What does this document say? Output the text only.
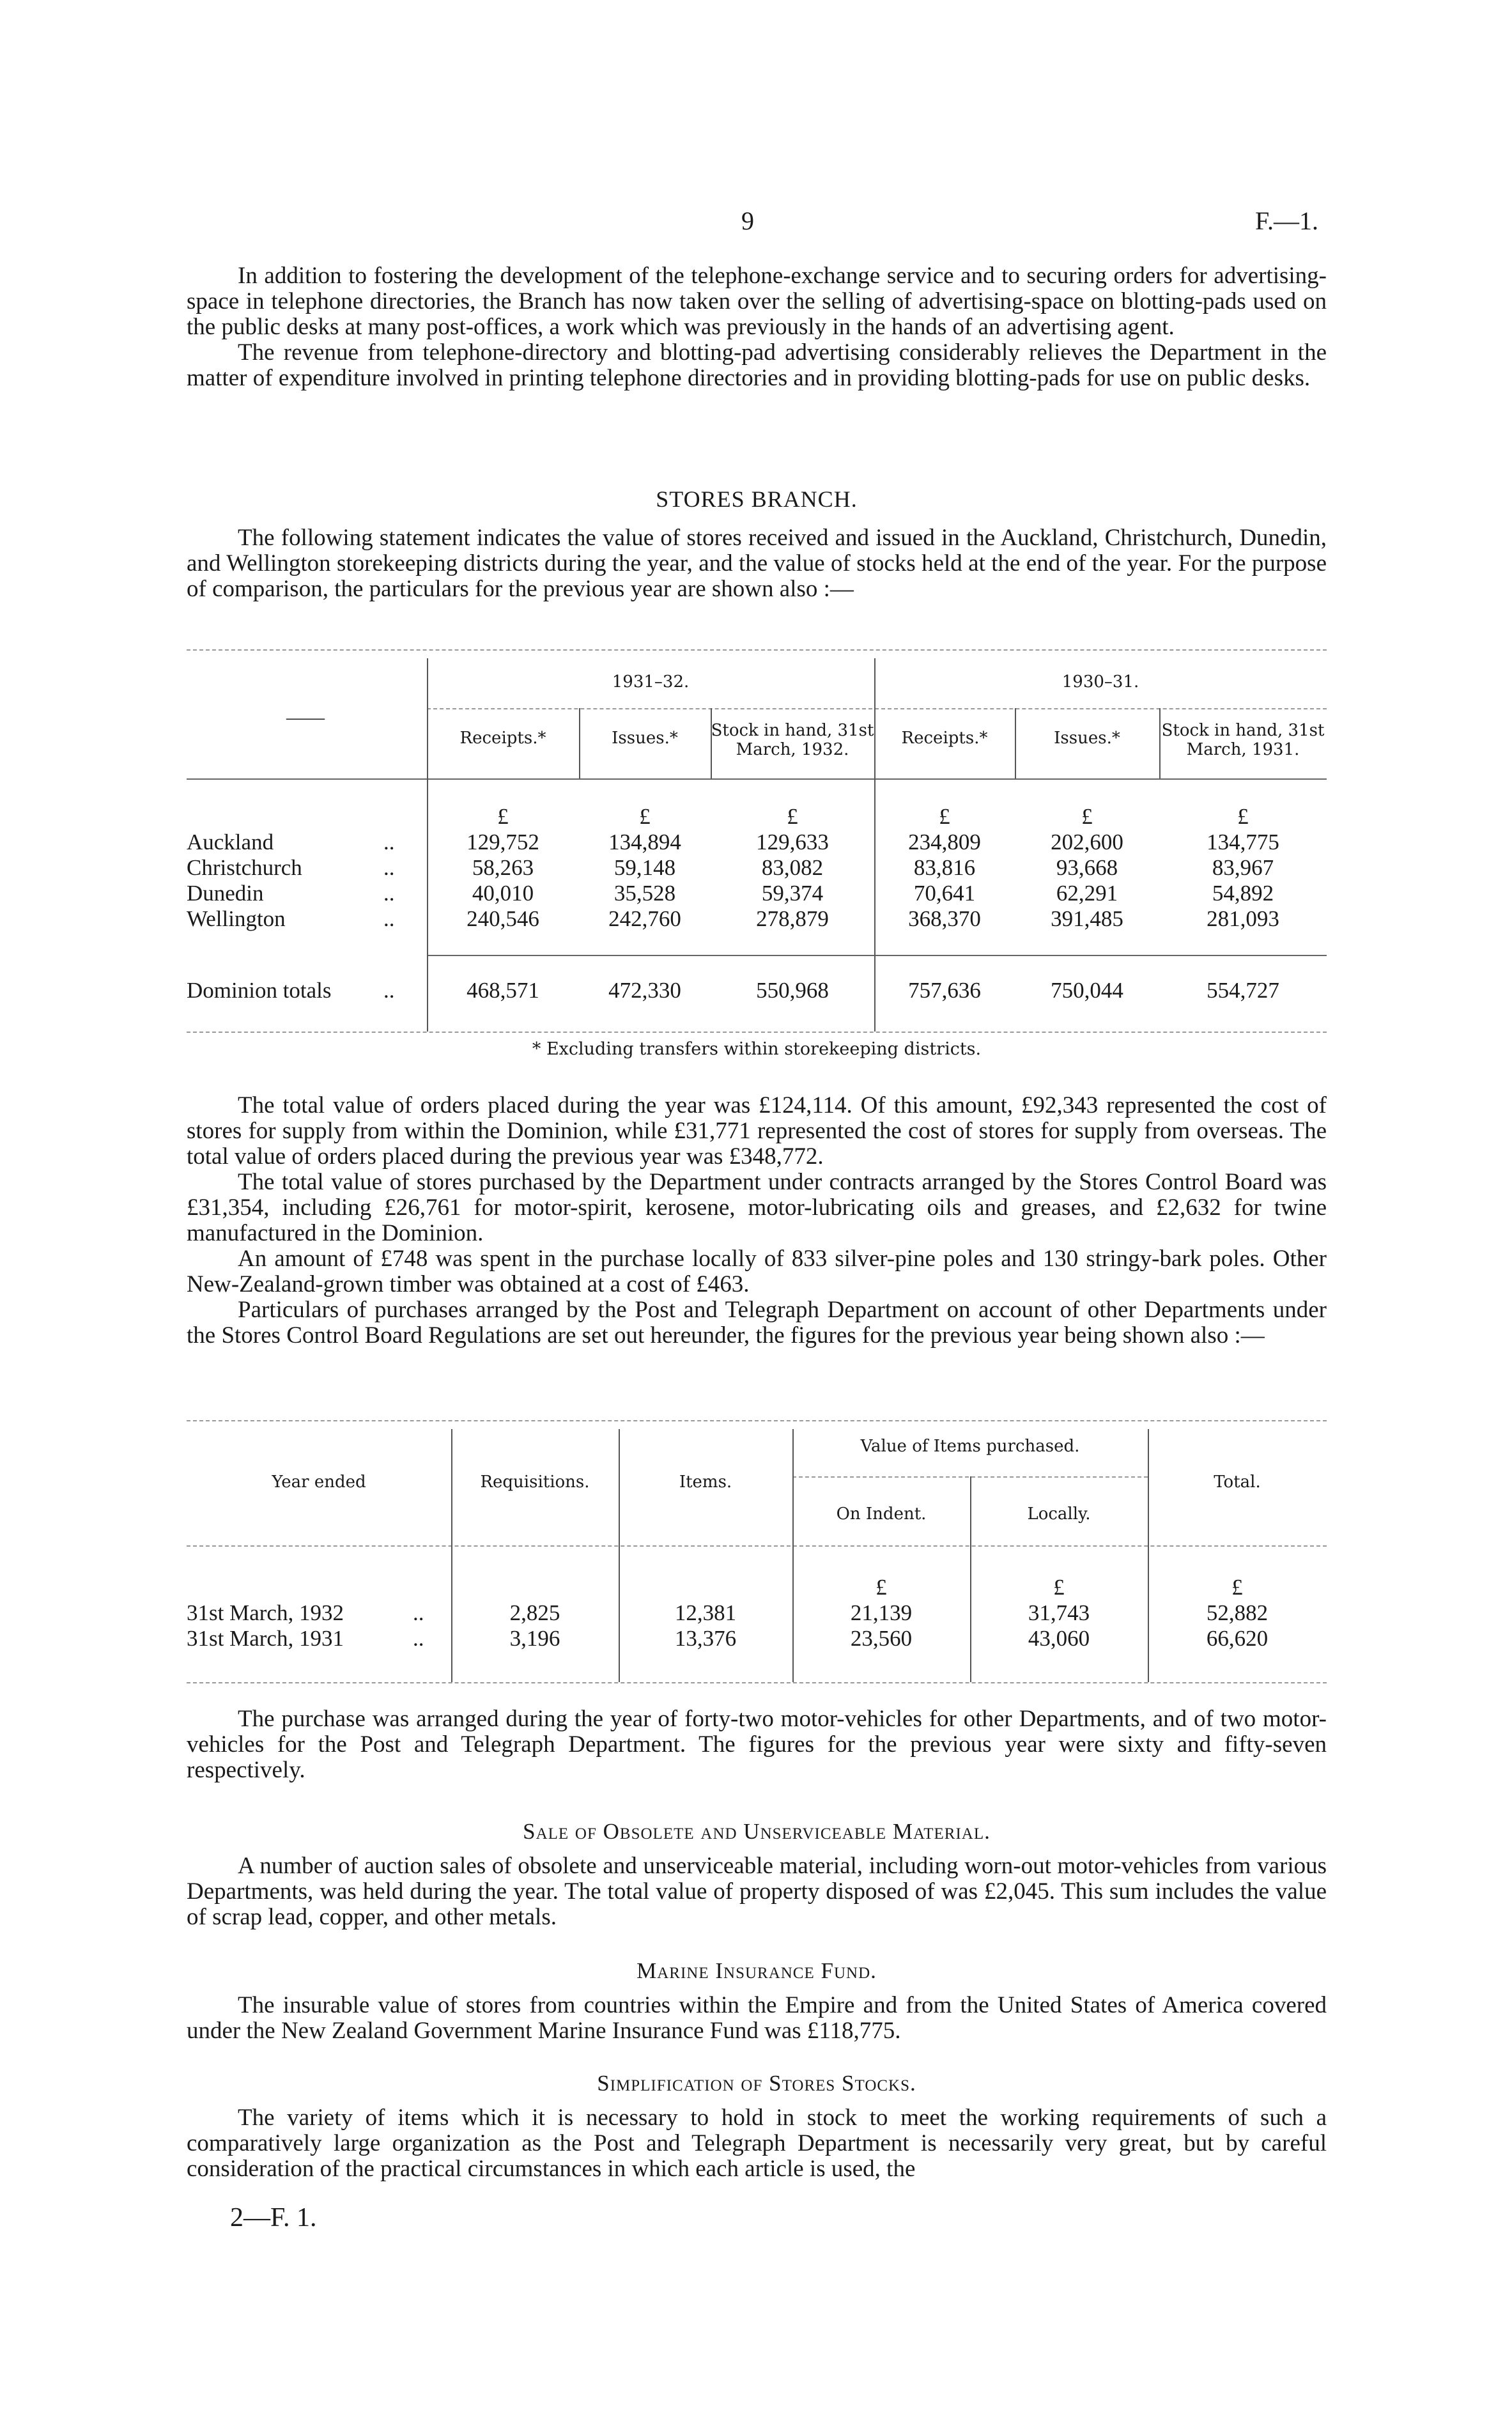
9	F.—1.

In addition to fostering the development of the telephone-exchange service and to securing orders for advertising-space in telephone directories, the Branch has now taken over the selling of advertising-space on blotting-pads used on the public desks at many post-offices, a work which was previously in the hands of an advertising agent.

The revenue from telephone-directory and blotting-pad advertising considerably relieves the Department in the matter of expenditure involved in printing telephone directories and in providing blotting-pads for use on public desks.

STORES BRANCH.

The following statement indicates the value of stores received and issued in the Auckland, Christchurch, Dunedin, and Wellington storekeeping districts during the year, and the value of stocks held at the end of the year. For the purpose of comparison, the particulars for the previous year are shown also :—

1931–32.	1930–31.
——
Receipts.*	Issues.*	Stock in hand, 31st March, 1932.
Receipts.*	Issues.*	Stock in hand, 31st March, 1931.
£	£	£	£	£	£
Auckland	..	129,752	134,894	129,633	234,809	202,600	134,775
Christchurch	..	58,263	59,148	83,082	83,816	93,668	83,967
Dunedin	..	40,010	35,528	59,374	70,641	62,291	54,892
Wellington	..	240,546	242,760	278,879	368,370	391,485	281,093
Dominion totals ..	468,571	472,330	550,968	757,636	750,044	554,727
* Excluding transfers within storekeeping districts.

The total value of orders placed during the year was £124,114. Of this amount, £92,343 represented the cost of stores for supply from within the Dominion, while £31,771 represented the cost of stores for supply from overseas. The total value of orders placed during the previous year was £348,772.

The total value of stores purchased by the Department under contracts arranged by the Stores Control Board was £31,354, including £26,761 for motor-spirit, kerosene, motor-lubricating oils and greases, and £2,632 for twine manufactured in the Dominion.

An amount of £748 was spent in the purchase locally of 833 silver-pine poles and 130 stringy-bark poles. Other New-Zealand-grown timber was obtained at a cost of £463.

Particulars of purchases arranged by the Post and Telegraph Department on account of other Departments under the Stores Control Board Regulations are set out hereunder, the figures for the previous year being shown also :—

Year ended	Requisitions.	Items.
Value of Items purchased.
On Indent.	Locally.
Total.
£	£	£
31st March, 1932	..	2,825	12,381	21,139	31,743	52,882
31st March, 1931	..	3,196	13,376	23,560	43,060	66,620

The purchase was arranged during the year of forty-two motor-vehicles for other Departments, and of two motor-vehicles for the Post and Telegraph Department. The figures for the previous year were sixty and fifty-seven respectively.

Sale of Obsolete and Unserviceable Material.

A number of auction sales of obsolete and unserviceable material, including worn-out motor-vehicles from various Departments, was held during the year. The total value of property disposed of was £2,045. This sum includes the value of scrap lead, copper, and other metals.

Marine Insurance Fund.

The insurable value of stores from countries within the Empire and from the United States of America covered under the New Zealand Government Marine Insurance Fund was £118,775.

Simplification of Stores Stocks.

The variety of items which it is necessary to hold in stock to meet the working requirements of such a comparatively large organization as the Post and Telegraph Department is necessarily very great, but by careful consideration of the practical circumstances in which each article is used, the

2—F. 1.
